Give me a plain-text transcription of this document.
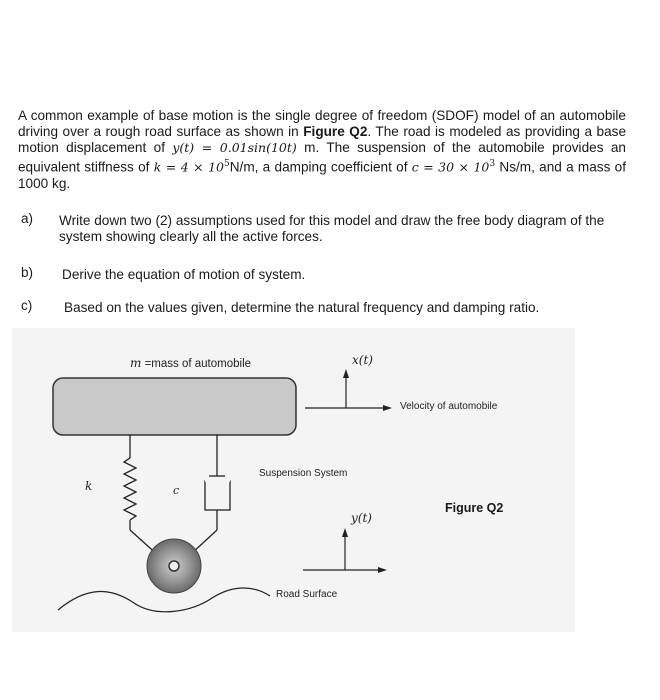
A common example of base motion is the single degree of freedom (SDOF) model of an automobile driving over a rough road surface as shown in Figure Q2. The road is modeled as providing a base motion displacement of y(t) = 0.01sin(10t) m. The suspension of the automobile provides an equivalent stiffness of $k = 4 \times 10^5N/m$, a damping coefficient of $c = 30 \times 10^3$ Ns/m, and a mass of 1000 kg.
a) Write down two (2) assumptions used for this model and draw the free body diagram of the system showing clearly all the active forces.
b) Derive the equation of motion of system.
c) Based on the values given, determine the natural frequency and damping ratio.
m =mass of automobile	x(t)
Velocity of automobile
Suspension System
k	c
y(t)
Road Surface
Figure Q2
